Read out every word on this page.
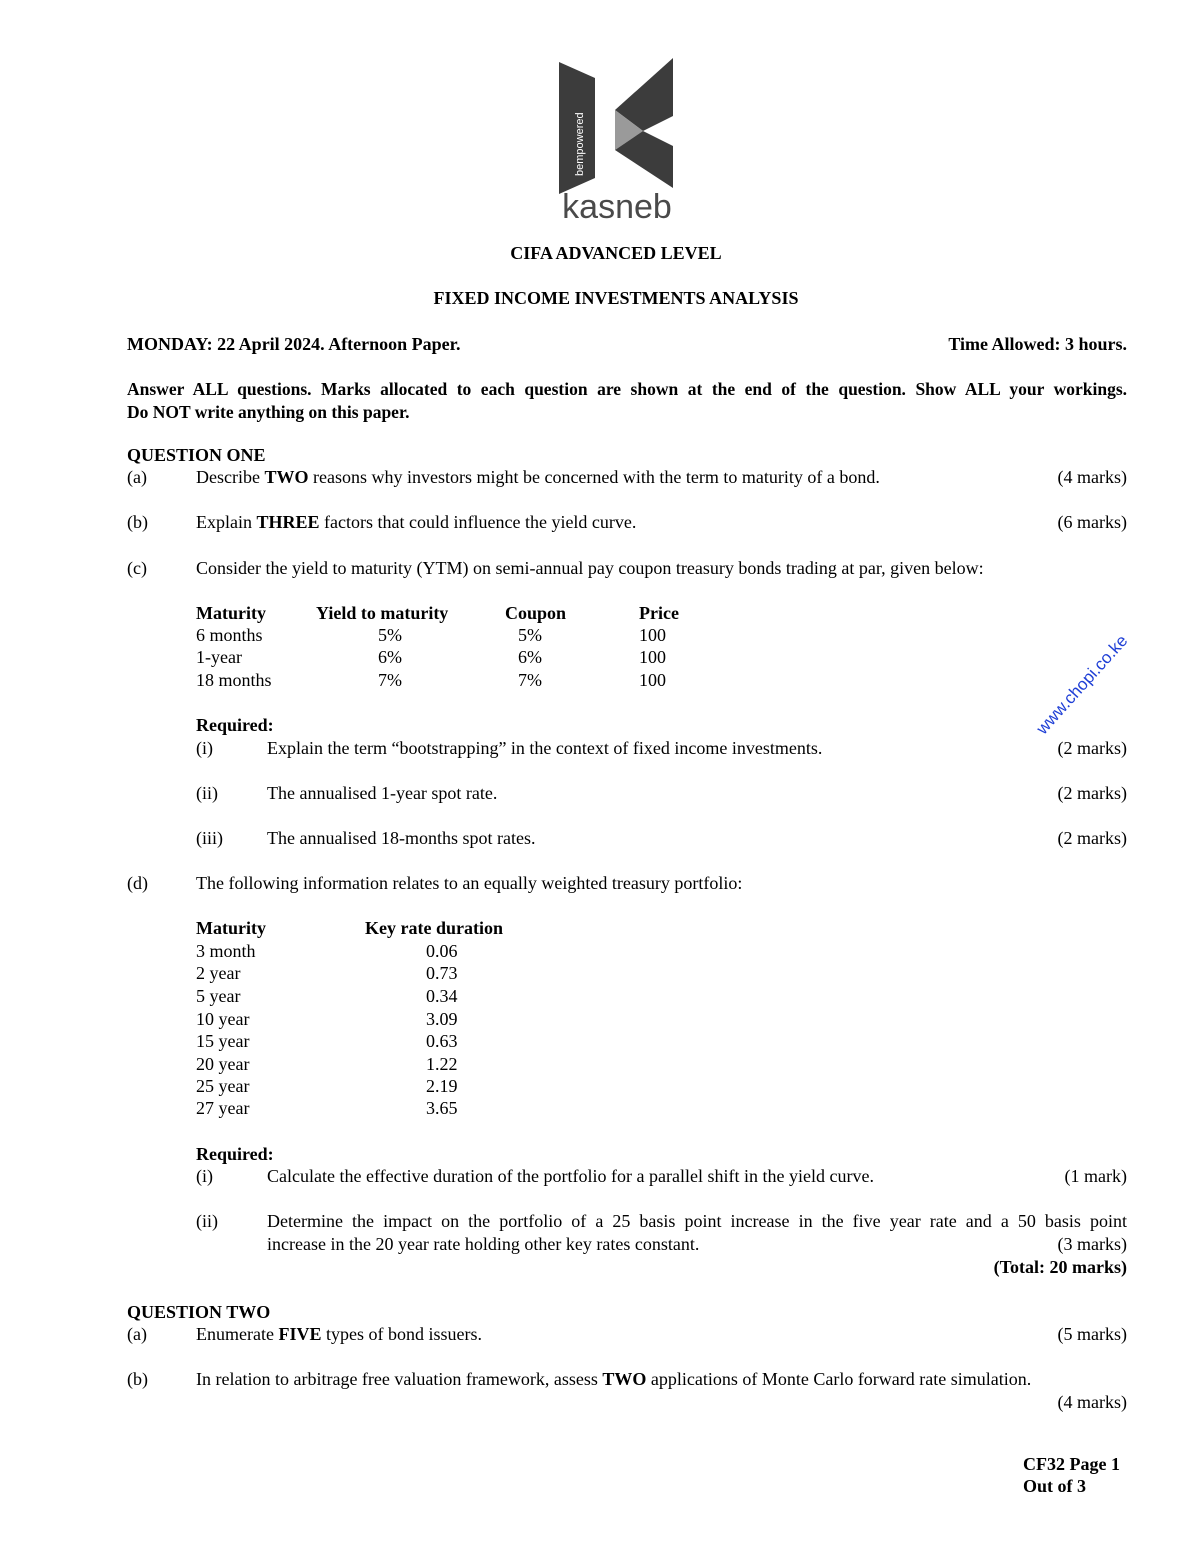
bempowered
kasneb
CIFA ADVANCED LEVEL
FIXED INCOME INVESTMENTS ANALYSIS
MONDAY: 22 April 2024. Afternoon Paper.	Time Allowed: 3 hours.
Answer ALL questions. Marks allocated to each question are shown at the end of the question. Show ALL your workings.
Do NOT write anything on this paper.
QUESTION ONE
(a)	Describe TWO reasons why investors might be concerned with the term to maturity of a bond.	(4 marks)
(b)	Explain THREE factors that could influence the yield curve.	(6 marks)
(c)	Consider the yield to maturity (YTM) on semi-annual pay coupon treasury bonds trading at par, given below:
Maturity	Yield to maturity	Coupon	Price
6 months	5%	5%	100
1-year	6%	6%	100
18 months	7%	7%	100
Required:
(i)	Explain the term “bootstrapping” in the context of fixed income investments.	(2 marks)
(ii)	The annualised 1-year spot rate.	(2 marks)
(iii) The annualised 18-months spot rates.	(2 marks)
(d)	The following information relates to an equally weighted treasury portfolio:
Maturity	Key rate duration
3 month	0.06
2 year	0.73
5 year	0.34
10 year	3.09
15 year	0.63
20 year	1.22
25 year	2.19
27 year	3.65
Required:
(i)	Calculate the effective duration of the portfolio for a parallel shift in the yield curve.	(1 mark)
(ii)	Determine the impact on the portfolio of a 25 basis point increase in the five year rate and a 50 basis point
increase in the 20 year rate holding other key rates constant.	(3 marks)
(Total: 20 marks)
QUESTION TWO
(a)	Enumerate FIVE types of bond issuers.	(5 marks)
(b)	In relation to arbitrage free valuation framework, assess TWO applications of Monte Carlo forward rate simulation.
(4 marks)
CF32 Page 1
Out of 3
www.chopi.co.ke
